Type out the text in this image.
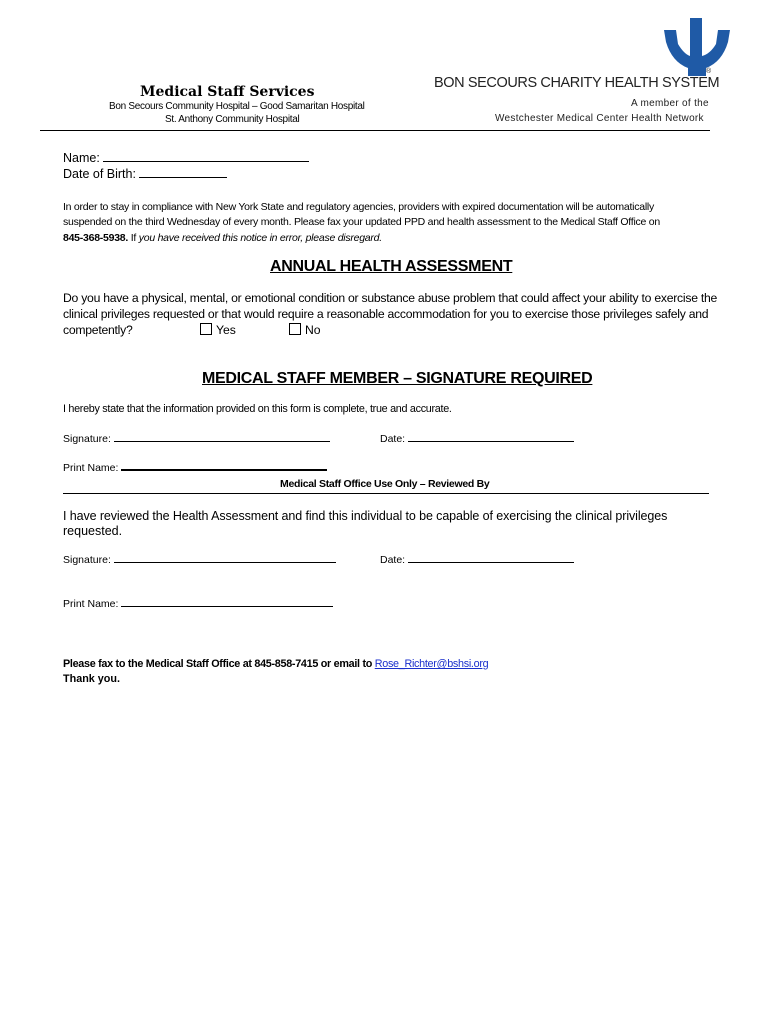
Medical Staff Services
Bon Secours Community Hospital – Good Samaritan Hospital
St. Anthony Community Hospital
BON SECOURS CHARITY HEALTH SYSTEM
®
A member of the
Westchester Medical Center Health Network
Name:
Date of Birth:
In order to stay in compliance with New York State and regulatory agencies, providers with expired documentation will be automatically
suspended on the third Wednesday of every month. Please fax your updated PPD and health assessment to the Medical Staff Office on
845-368-5938. If you have received this notice in error, please disregard.
ANNUAL HEALTH ASSESSMENT
Do you have a physical, mental, or emotional condition or substance abuse problem that could affect your ability to exercise the
clinical privileges requested or that would require a reasonable accommodation for you to exercise those privileges safely and
competently?	Yes	No
MEDICAL STAFF MEMBER – SIGNATURE REQUIRED
I hereby state that the information provided on this form is complete, true and accurate.
Signature:	Date:
Print Name:
Medical Staff Office Use Only – Reviewed By
I have reviewed the Health Assessment and find this individual to be capable of exercising the clinical privileges
requested.
Signature:	Date:
Print Name:
Please fax to the Medical Staff Office at 845-858-7415 or email to Rose_Richter@bshsi.org
Thank you.
